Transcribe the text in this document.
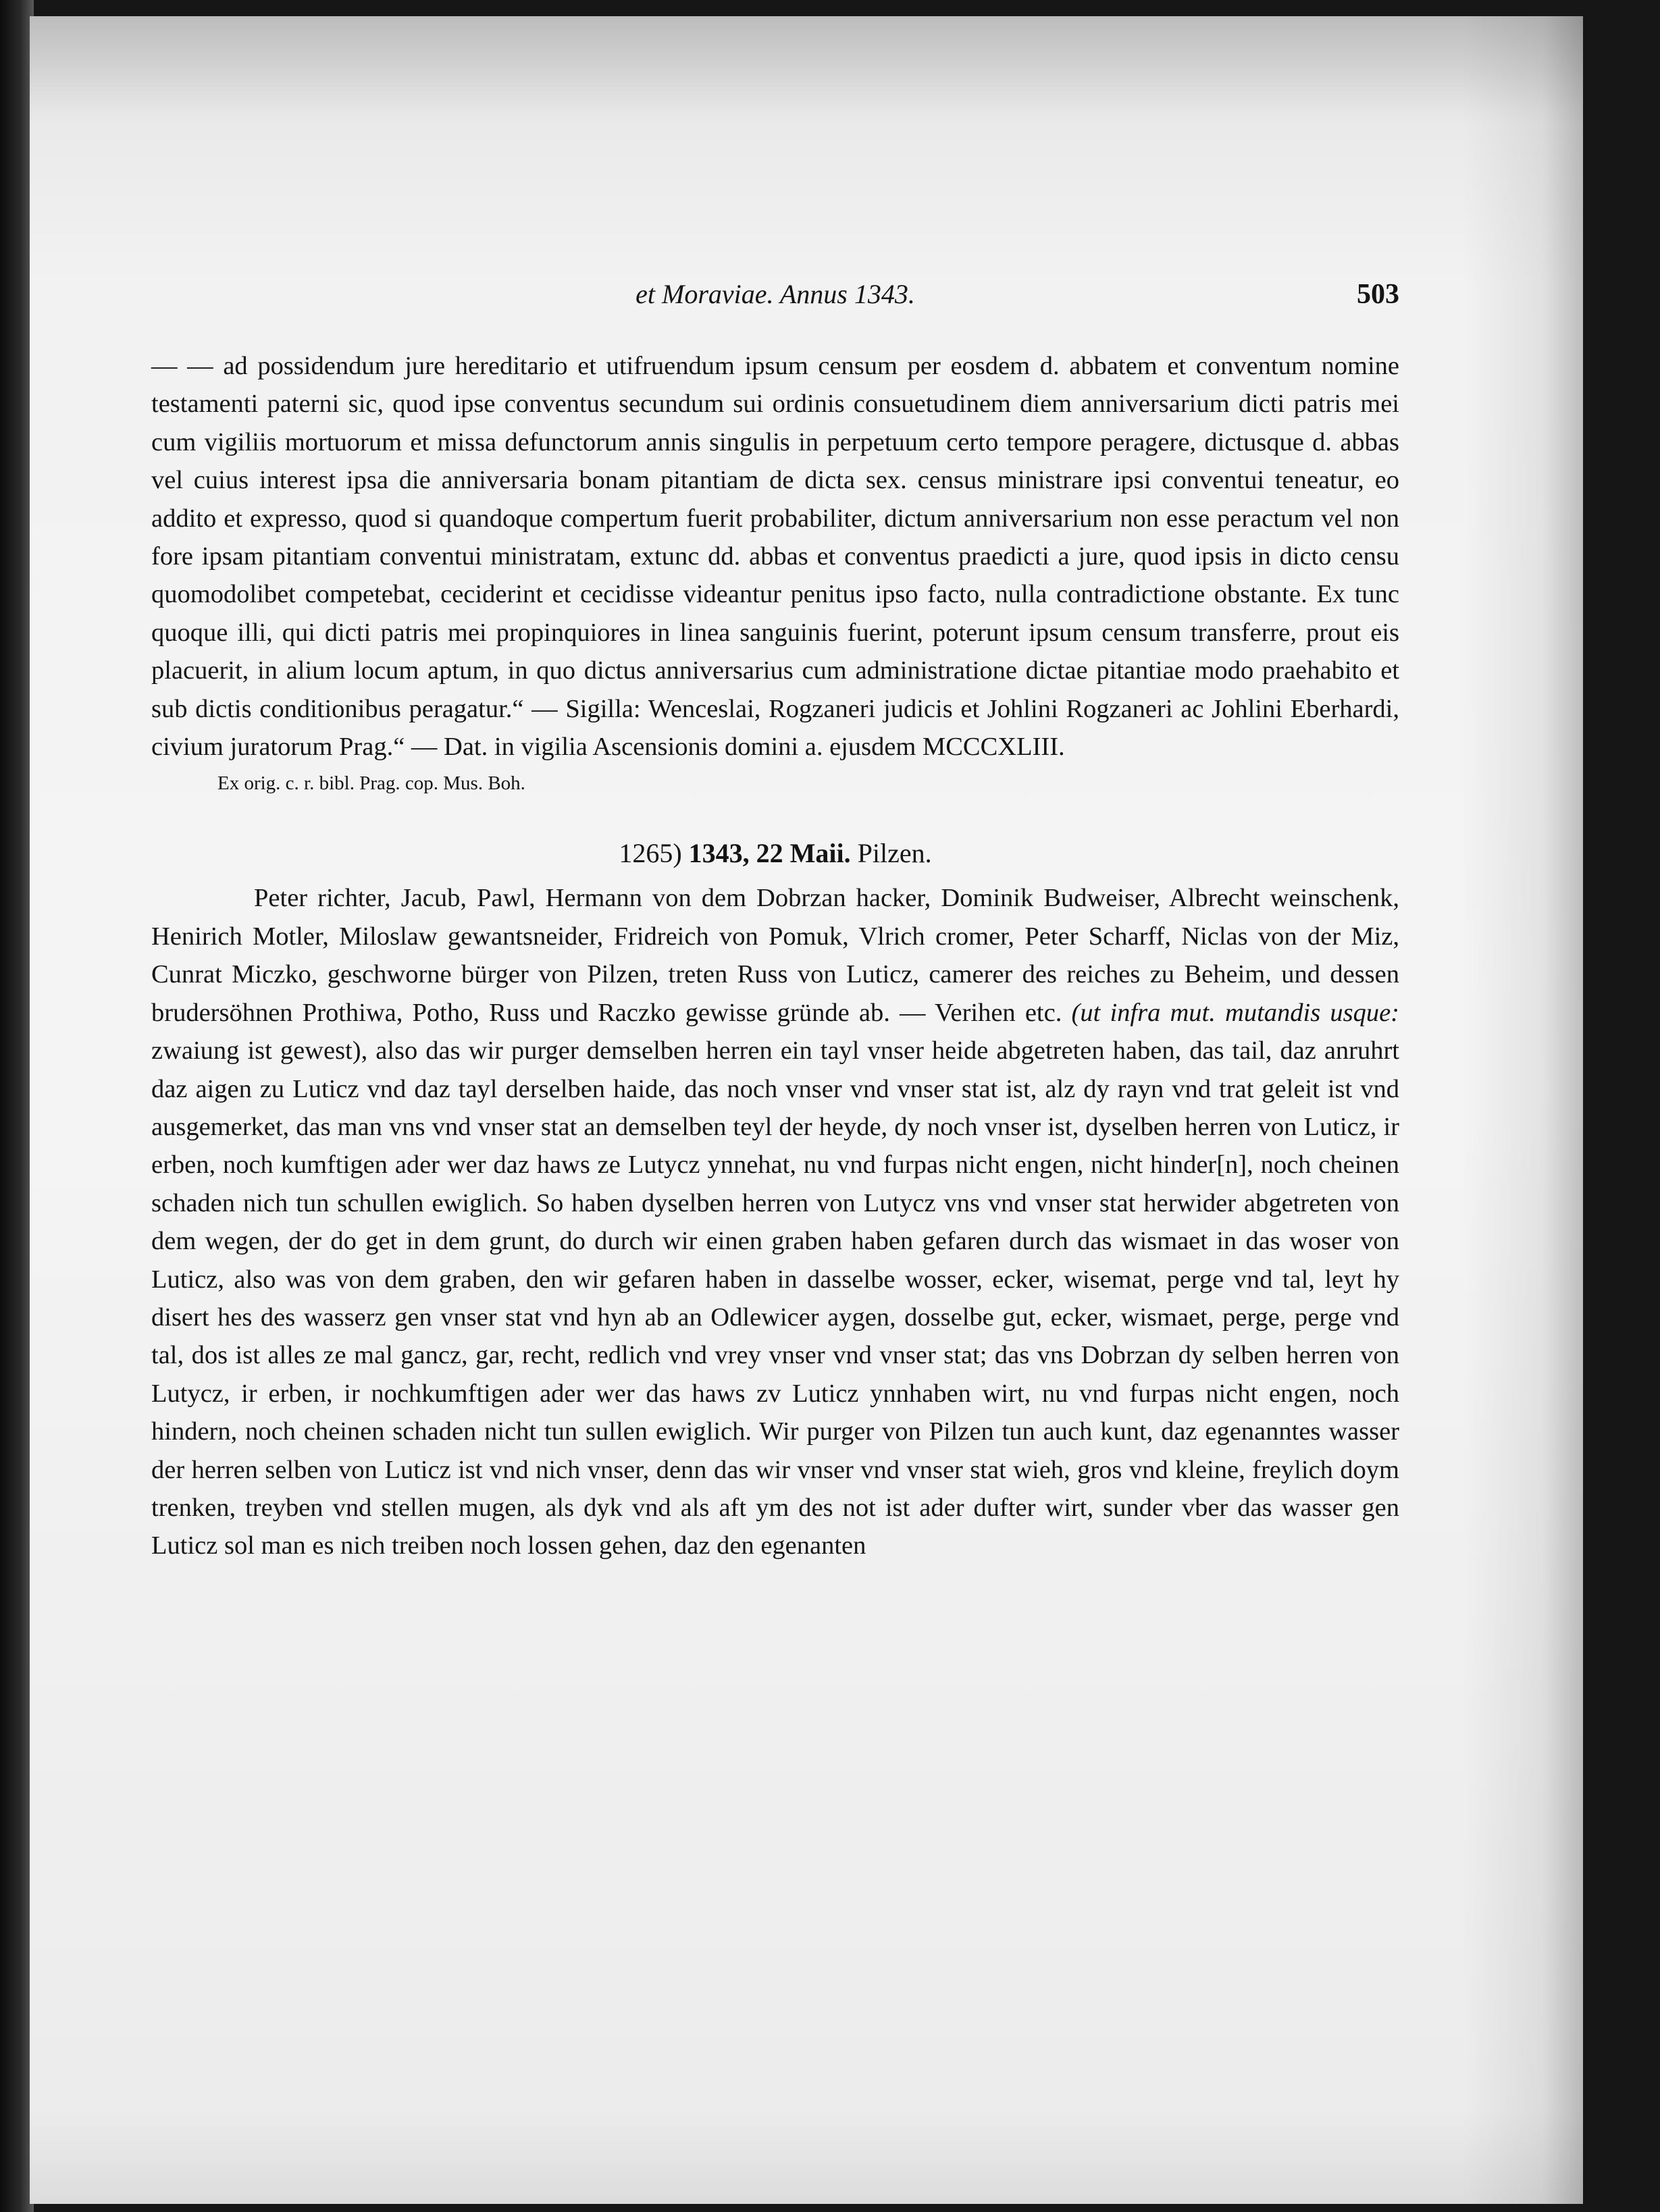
et Moraviae. Annus 1343.	503

— — ad possidendum jure hereditario et utifruendum ipsum censum per eosdem d. abbatem et conventum nomine testamenti paterni sic, quod ipse conventus secundum sui ordinis consuetudinem diem anniversarium dicti patris mei cum vigiliis mortuorum et missa defunctorum annis singulis in perpetuum certo tempore peragere, dictusque d. abbas vel cuius interest ipsa die anniversaria bonam pitantiam de dicta sex. census ministrare ipsi conventui teneatur, eo addito et expresso, quod si quandoque compertum fuerit probabiliter, dictum anniversarium non esse peractum vel non fore ipsam pitantiam conventui ministratam, extunc dd. abbas et conventus praedicti a jure, quod ipsis in dicto censu quomodolibet competebat, ceciderint et cecidisse videantur penitus ipso facto, nulla contradictione obstante. Ex tunc quoque illi, qui dicti patris mei propinquiores in linea sanguinis fuerint, poterunt ipsum censum transferre, prout eis placuerit, in alium locum aptum, in quo dictus anniversarius cum administratione dictae pitantiae modo praehabito et sub dictis conditionibus peragatur.“ — Sigilla: Wenceslai, Rogzaneri judicis et Johlini Rogzaneri ac Johlini Eberhardi, civium juratorum Prag.“ — Dat. in vigilia Ascensionis domini a. ejusdem MCCCXLIII.

Ex orig. c. r. bibl. Prag. cop. Mus. Boh.

1265) 1343, 22 Maii. Pilzen.

Peter richter, Jacub, Pawl, Hermann von dem Dobrzan hacker, Dominik Budweiser, Albrecht weinschenk, Henirich Motler, Miloslaw gewantsneider, Fridreich von Pomuk, Vlrich cromer, Peter Scharff, Niclas von der Miz, Cunrat Miczko, geschworne bürger von Pilzen, treten Russ von Luticz, camerer des reiches zu Beheim, und dessen brudersöhnen Prothiwa, Potho, Russ und Raczko gewisse gründe ab. — Verihen etc. (ut infra mut. mutandis usque: zwaiung ist gewest), also das wir purger demselben herren ein tayl vnser heide abgetreten haben, das tail, daz anruhrt daz aigen zu Luticz vnd daz tayl derselben haide, das noch vnser vnd vnser stat ist, alz dy rayn vnd trat geleit ist vnd ausgemerket, das man vns vnd vnser stat an demselben teyl der heyde, dy noch vnser ist, dyselben herren von Luticz, ir erben, noch kumftigen ader wer daz haws ze Lutycz ynnehat, nu vnd furpas nicht engen, nicht hinder[n], noch cheinen schaden nich tun schullen ewiglich. So haben dyselben herren von Lutycz vns vnd vnser stat herwider abgetreten von dem wegen, der do get in dem grunt, do durch wir einen graben haben gefaren durch das wismaet in das woser von Luticz, also was von dem graben, den wir gefaren haben in dasselbe wosser, ecker, wisemat, perge vnd tal, leyt hy disert hes des wasserz gen vnser stat vnd hyn ab an Odlewicer aygen, dosselbe gut, ecker, wismaet, perge, perge vnd tal, dos ist alles ze mal gancz, gar, recht, redlich vnd vrey vnser vnd vnser stat; das vns Dobrzan dy selben herren von Lutycz, ir erben, ir nochkumftigen ader wer das haws zv Luticz ynnhaben wirt, nu vnd furpas nicht engen, noch hindern, noch cheinen schaden nicht tun sullen ewiglich. Wir purger von Pilzen tun auch kunt, daz egenanntes wasser der herren selben von Luticz ist vnd nich vnser, denn das wir vnser vnd vnser stat wieh, gros vnd kleine, freylich doym trenken, treyben vnd stellen mugen, als dyk vnd als aft ym des not ist ader dufter wirt, sunder vber das wasser gen Luticz sol man es nich treiben noch lossen gehen, daz den egenanten
